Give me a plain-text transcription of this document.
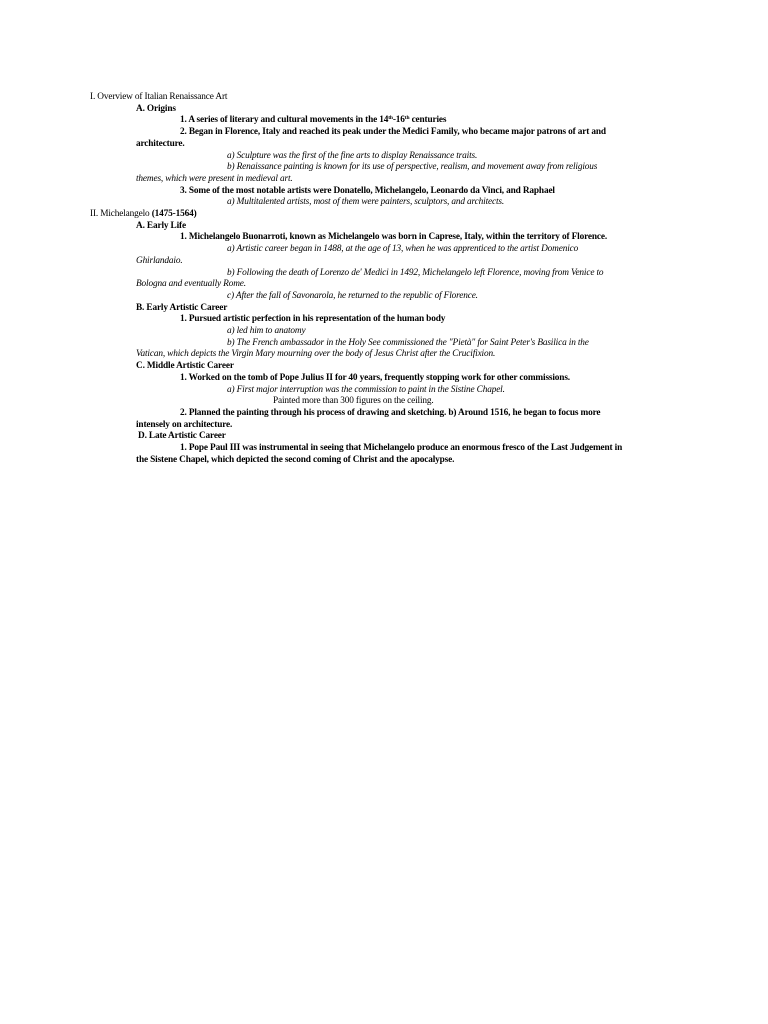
I. Overview of Italian Renaissance Art
A. Origins
1. A series of literary and cultural movements in the 14th-16th centuries
2. Began in Florence, Italy and reached its peak under the Medici Family, who became major patrons of art and
architecture.
a) Sculpture was the first of the fine arts to display Renaissance traits.
b) Renaissance painting is known for its use of perspective, realism, and movement away from religious
themes, which were present in medieval art.
3. Some of the most notable artists were Donatello, Michelangelo, Leonardo da Vinci, and Raphael
a) Multitalented artists, most of them were painters, sculptors, and architects.
II. Michelangelo (1475-1564)
A. Early Life
1. Michelangelo Buonarroti, known as Michelangelo was born in Caprese, Italy, within the territory of Florence.
a) Artistic career began in 1488, at the age of 13, when he was apprenticed to the artist Domenico
Ghirlandaio.
b) Following the death of Lorenzo de' Medici in 1492, Michelangelo left Florence, moving from Venice to
Bologna and eventually Rome.
c) After the fall of Savonarola, he returned to the republic of Florence.
B. Early Artistic Career
1. Pursued artistic perfection in his representation of the human body
a) led him to anatomy
b) The French ambassador in the Holy See commissioned the "Pietà" for Saint Peter's Basilica in the
Vatican, which depicts the Virgin Mary mourning over the body of Jesus Christ after the Crucifixion.
C. Middle Artistic Career
1. Worked on the tomb of Pope Julius II for 40 years, frequently stopping work for other commissions.
a) First major interruption was the commission to paint in the Sistine Chapel.
Painted more than 300 figures on the ceiling.
2. Planned the painting through his process of drawing and sketching. b) Around 1516, he began to focus more
intensely on architecture.
D. Late Artistic Career
1. Pope Paul III was instrumental in seeing that Michelangelo produce an enormous fresco of the Last Judgement in
the Sistene Chapel, which depicted the second coming of Christ and the apocalypse.
